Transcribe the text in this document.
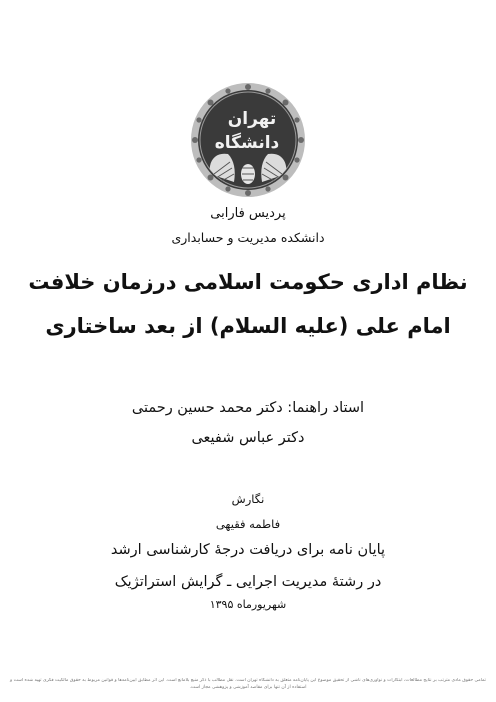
تهران
دانشگاه
پردیس فارابی
دانشکده مدیریت و حسابداری
نظام اداری حکومت اسلامی درزمان خلافت
امام علی (علیه السلام) از بعد ساختاری
استاد راهنما: دکتر محمد حسین رحمتی
دکتر عباس شفیعی
نگارش
فاطمه فقیهی
پایان نامه برای دریافت درجهٔ کارشناسی ارشد
در رشتهٔ مدیریت اجرایی ـ گرایش استراتژیک
شهریورماه ۱۳۹۵
تمامی حقوق مادی مترتب بر نتایج مطالعات، ابتکارات و نوآوری‌های ناشی از تحقیق موضوع این پایان‌نامه متعلق به دانشگاه تهران است. نقل مطالب با ذکر منبع بلامانع است. این اثر مطابق آیین‌نامه‌ها و قوانین مربوط به حقوق مالکیت فکری تهیه شده است و استفاده از آن تنها برای مقاصد آموزشی و پژوهشی مجاز است.
